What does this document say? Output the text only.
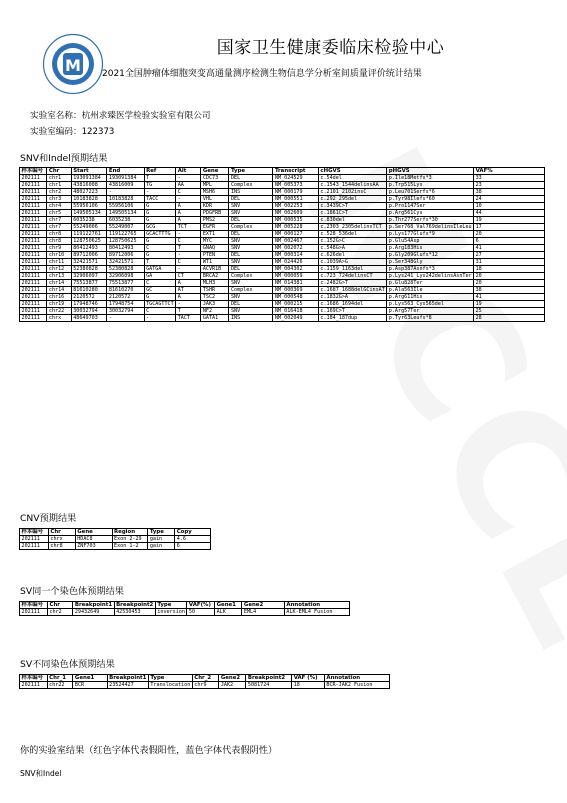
M
国家卫生健康委临床检验中心
2021全国肿瘤体细胞突变高通量测序检测生物信息学分析室间质量评价统计结果
实验室名称：杭州求臻医学检验实验室有限公司
实验室编码：122373
SNV和Indel预期结果
样本编号	Chr	Start	End	Ref	Alt	Gene	Type	Transcript	cHGVS	pHGVS	VAF%
202111	chr1	193091384	193091384	T	-	CDC73	DEL	NM_024529	c.54del	p.Ile18Metfs*3	33
202111	chr1	43816008	43816009	TG	AA	MPL	Complex	NM_005373	c.1543_1544delinsAA	p.Trp515Lys	23
202111	chr2	48027223	-	-	C	MSH6	INS	NM_000179	c.2101_2102insC	p.Leu701Serfs*6	38
202111	chr3	10183828	10183828	TACC	-	VHL	DEL	NM_000551	c.292_295del	p.Tyr98Ilefs*60	24
202111	chr4	55956106	55956106	G	A	KDR	SNV	NM_002253	c.3439C>T	p.Pro1147Ser	10
202111	chr5	149505134	149505134	G	A	PDGFRB	SNV	NM_002609	c.1861C>T	p.Arg561Cys	44
202111	chr7	6035238	6035238	G	A	PMS2	DEL	NM_000535	c.830del	p.Thr277Serfs*30	19
202111	chr7	55249006	55249007	GCG	TCT	EGFR	Complex	NM_005228	c.2303_2305delinsTCT	p.Ser768_Val769delinsIleLeu	17
202111	chr8	119122761	119122765	GCACTTTG	-	EXT1	DEL	NM_000127	c.528_536del	p.Lys177Glufs*9	20
202111	chr8	128750625	128750625	G	C	MYC	SNV	NM_002467	c.152G>C	p.Glu54Asp	6
202111	chr9	80412493	80412493	C	T	GNAQ	SNV	NM_002072	c.548G>A	p.Arg183His	41
202111	chr10	89712006	89712006	G	-	PTEN	DEL	NM_000314	c.626del	p.Gly209Glufs*12	27
202111	chr11	32421571	32421571	T	C	WT1	SNV	NM_024426	c.1039A>G	p.Ser348Gly	31
202111	chr12	52380828	52380828	GATGA	-	ACVR1B	DEL	NM_004302	c.1159_1163del	p.Asp387Asnfs*3	18
202111	chr13	32906097	32906098	GA	CT	BRCA2	Complex	NM_000059	c.723_724delinsCT	p.Lys241_Lys242delinsAsnTer	20
202111	chr14	75513877	75513877	C	A	MLH3	SNV	NM_014381	c.2482G>T	p.Glu828Ter	20
202111	chr14	81610280	81610270	GC	AT	TSHR	Complex	NM_000369	c.1687_1688delGCinsAT	p.Ala563Ile	38
202111	chr16	2120572	2120572	G	A	TSC2	SNV	NM_000548	c.1832G>A	p.Arg611His	41
202111	chr19	17948746	17948754	TGCAGTTCT	-	JAK3	DEL	NM_000215	c.1686_1694del	p.Lys563_Cys565del	19
202111	chr22	30032794	30032794	C	T	NF2	SNV	NM_016418	c.169C>T	p.Arg57Ter	25
202111	chrx	48649703	-	-	TACT	GATA1	INS	NM_002049	c.184_187dup	p.Tyr63Leufs*8	28
CNV预期结果
样本编号	Chr	Gene	Region	Type	Copy
202111	chrx	HDAC8	Exon 2-29	gain	4.6
202111	chr8	ZNF703	Exon 1-2	gain	6
SV同一个染色体预期结果
样本编号	Chr	Breakpoint1	Breakpoint2	Type	VAF(%)	Gene1	Gene2	Annotation
202111	chr2	29432649	42530453	inversion	50	ALK	EML4	ALK-EML4 Fusion
SV不同染色体预期结果
样本编号	Chr_1	Gene1	Breakpoint1	Type	Chr_2	Gene2	Breakpoint2	VAF (%)	Annotation
202111	chr22	BCR	23524427	Translocation	chr9	JAK2	5081724	18	BCR-JAK2 Fusion
你的实验室结果（红色字体代表假阳性，蓝色字体代表假阴性）
SNV和Indel
